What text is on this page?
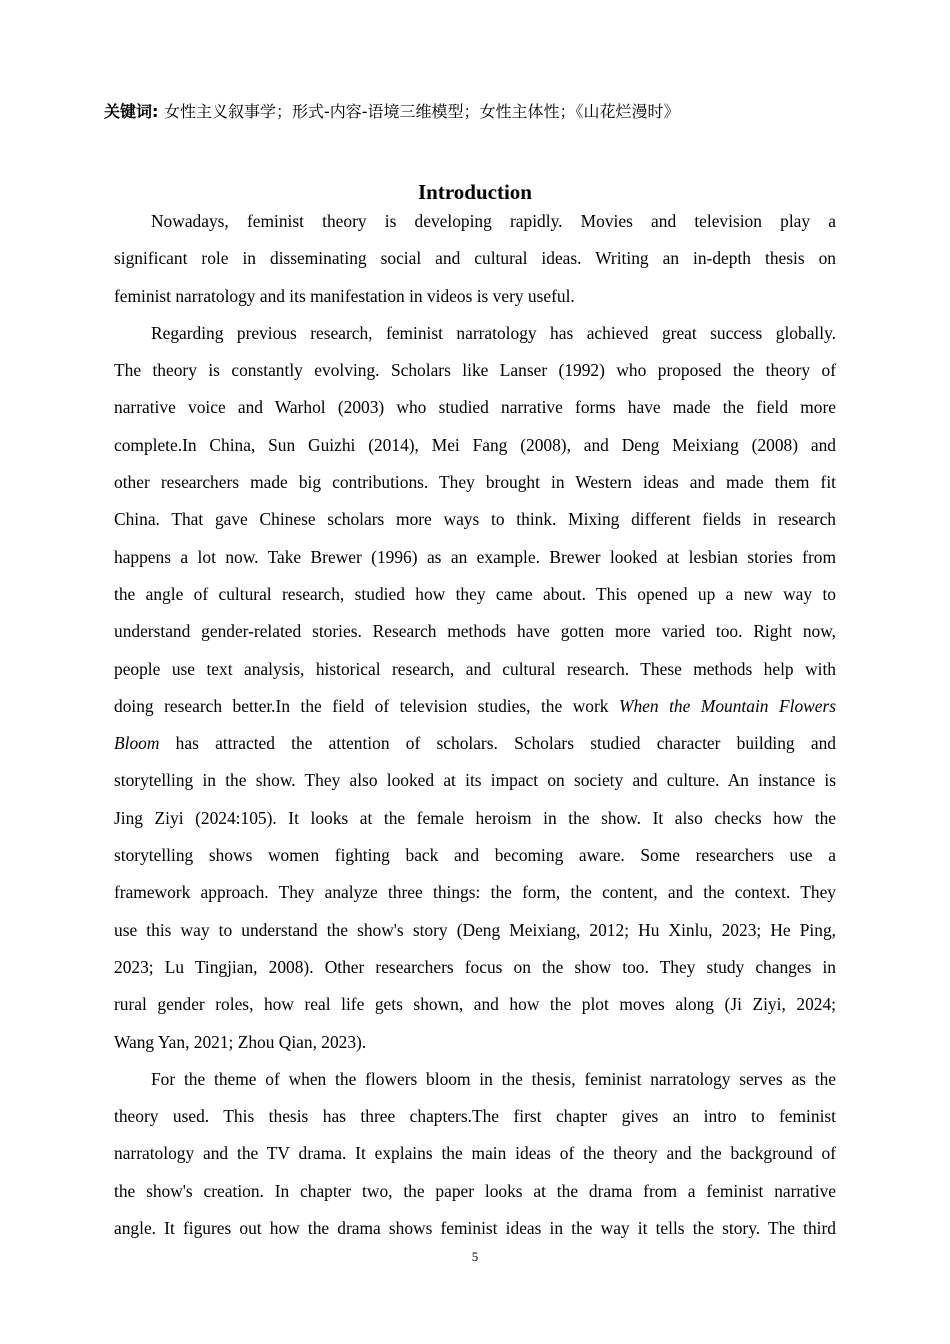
关键词: 女性主义叙事学；形式-内容-语境三维模型；女性主体性；《山花烂漫时》
Introduction
Nowadays, feminist theory is developing rapidly. Movies and television play a
significant role in disseminating social and cultural ideas. Writing an in-depth thesis on
feminist narratology and its manifestation in videos is very useful.
Regarding previous research, feminist narratology has achieved great success globally.
The theory is constantly evolving. Scholars like Lanser (1992) who proposed the theory of
narrative voice and Warhol (2003) who studied narrative forms have made the field more
complete.In China, Sun Guizhi (2014), Mei Fang (2008), and Deng Meixiang (2008) and
other researchers made big contributions. They brought in Western ideas and made them fit
China. That gave Chinese scholars more ways to think. Mixing different fields in research
happens a lot now. Take Brewer (1996) as an example. Brewer looked at lesbian stories from
the angle of cultural research, studied how they came about. This opened up a new way to
understand gender-related stories. Research methods have gotten more varied too. Right now,
people use text analysis, historical research, and cultural research. These methods help with
doing research better.In the field of television studies, the work When the Mountain Flowers
Bloom has attracted the attention of scholars. Scholars studied character building and
storytelling in the show. They also looked at its impact on society and culture. An instance is
Jing Ziyi (2024:105). It looks at the female heroism in the show. It also checks how the
storytelling shows women fighting back and becoming aware. Some researchers use a
framework approach. They analyze three things: the form, the content, and the context. They
use this way to understand the show's story (Deng Meixiang, 2012; Hu Xinlu, 2023; He Ping,
2023; Lu Tingjian, 2008). Other researchers focus on the show too. They study changes in
rural gender roles, how real life gets shown, and how the plot moves along (Ji Ziyi, 2024;
Wang Yan, 2021; Zhou Qian, 2023).
For the theme of when the flowers bloom in the thesis, feminist narratology serves as the
theory used. This thesis has three chapters.The first chapter gives an intro to feminist
narratology and the TV drama. It explains the main ideas of the theory and the background of
the show's creation. In chapter two, the paper looks at the drama from a feminist narrative
angle. It figures out how the drama shows feminist ideas in the way it tells the story. The third
5
